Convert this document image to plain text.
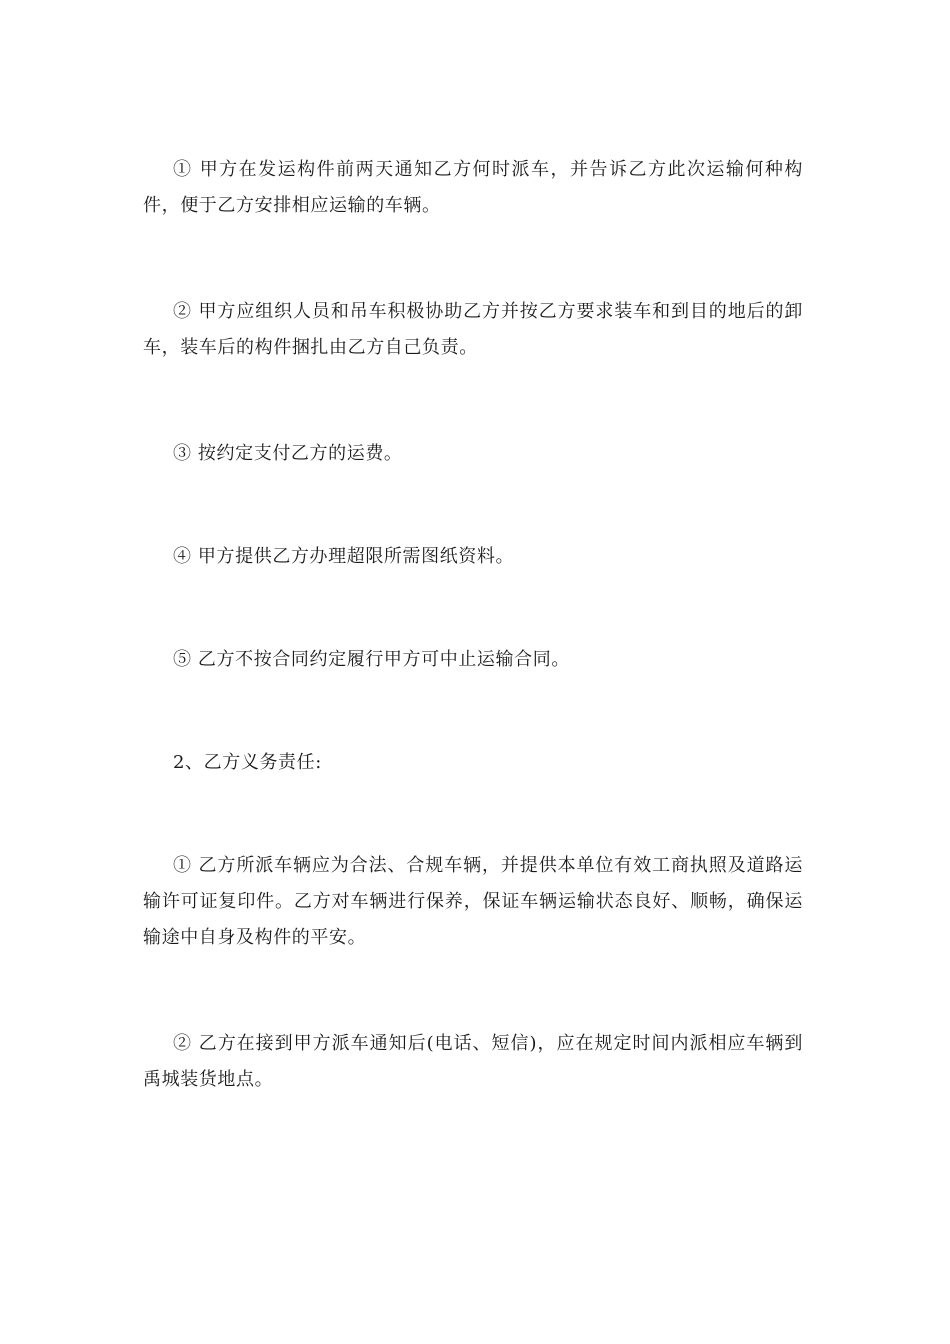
① 甲方在发运构件前两天通知乙方何时派车，并告诉乙方此次运输何种构件，便于乙方安排相应运输的车辆。

② 甲方应组织人员和吊车积极协助乙方并按乙方要求装车和到目的地后的卸车，装车后的构件捆扎由乙方自己负责。

③ 按约定支付乙方的运费。

④ 甲方提供乙方办理超限所需图纸资料。

⑤ 乙方不按合同约定履行甲方可中止运输合同。

2、乙方义务责任:

① 乙方所派车辆应为合法、合规车辆，并提供本单位有效工商执照及道路运输许可证复印件。乙方对车辆进行保养，保证车辆运输状态良好、顺畅，确保运输途中自身及构件的平安。

② 乙方在接到甲方派车通知后(电话、短信)，应在规定时间内派相应车辆到禹城装货地点。
